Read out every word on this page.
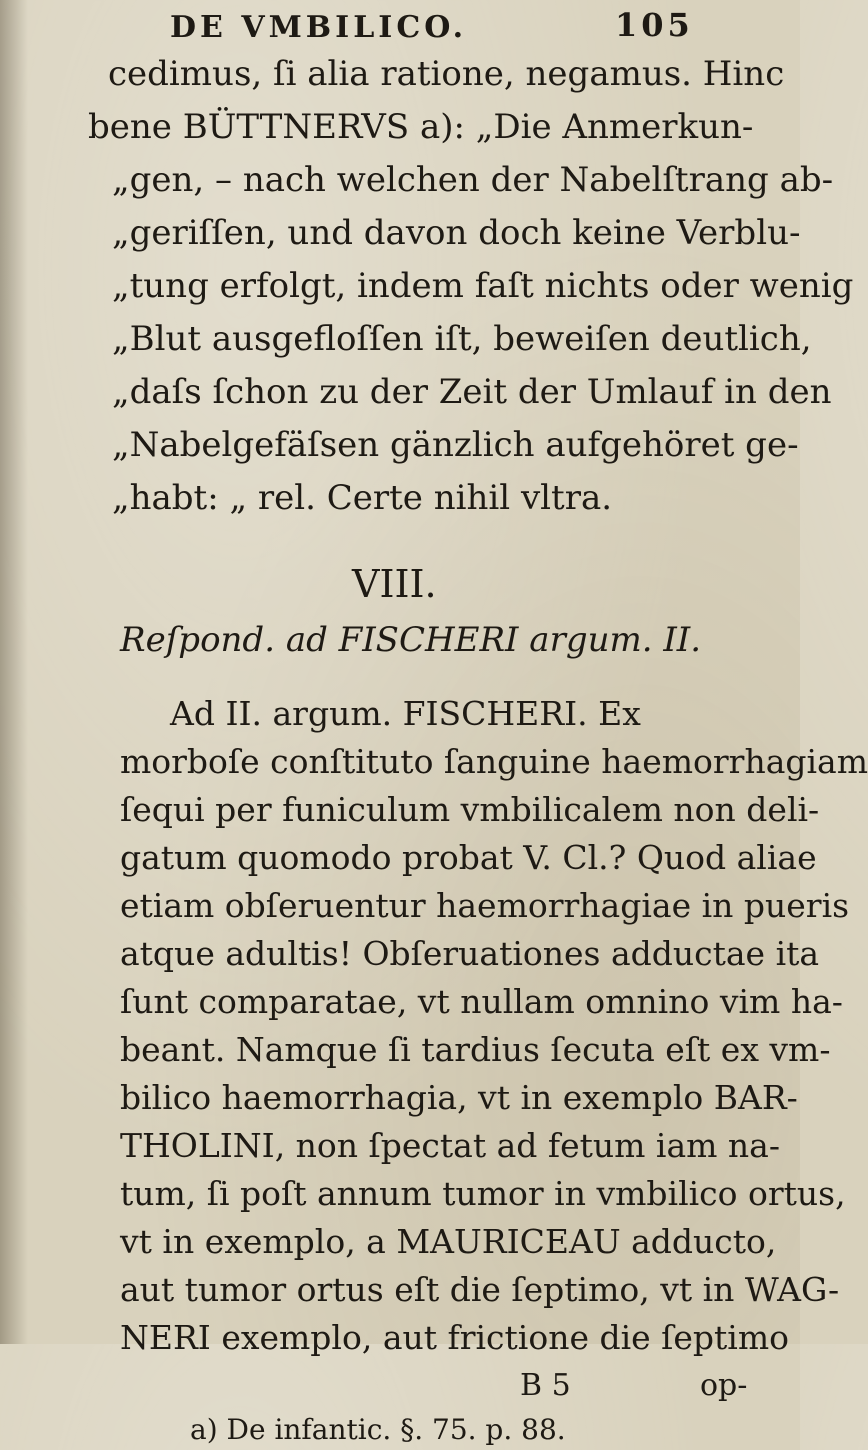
DE VMBILICO.	105
cedimus, ſi alia ratione, negamus. Hinc
bene BÜTTNERVS a): „Die Anmerkun-
„gen, – nach welchen der Nabelſtrang ab-
„geriſſen, und davon doch keine Verblu-
„tung erfolgt, indem faſt nichts oder wenig
„Blut ausgefloſſen iſt, beweiſen deutlich,
„daſs ſchon zu der Zeit der Umlauf in den
„Nabelgefäſsen gänzlich aufgehöret ge-
„habt: „ rel. Certe nihil vltra.
VIII.
Reſpond. ad FISCHERI argum. II.
Ad II. argum. FISCHERI. Ex
morboſe conſtituto ſanguine haemorrhagiam
ſequi per funiculum vmbilicalem non deli-
gatum quomodo probat V. Cl.? Quod aliae
etiam obſeruentur haemorrhagiae in pueris
atque adultis! Obſeruationes adductae ita
ſunt comparatae, vt nullam omnino vim ha-
beant. Namque ſi tardius ſecuta eſt ex vm-
bilico haemorrhagia, vt in exemplo BAR-
THOLINI, non ſpectat ad fetum iam na-
tum, ſi poſt annum tumor in vmbilico ortus,
vt in exemplo, a MAURICEAU adducto,
aut tumor ortus eſt die ſeptimo, vt in WAG-
NERI exemplo, aut frictione die ſeptimo
B 5	op-
a) De infantic. §. 75. p. 88.
